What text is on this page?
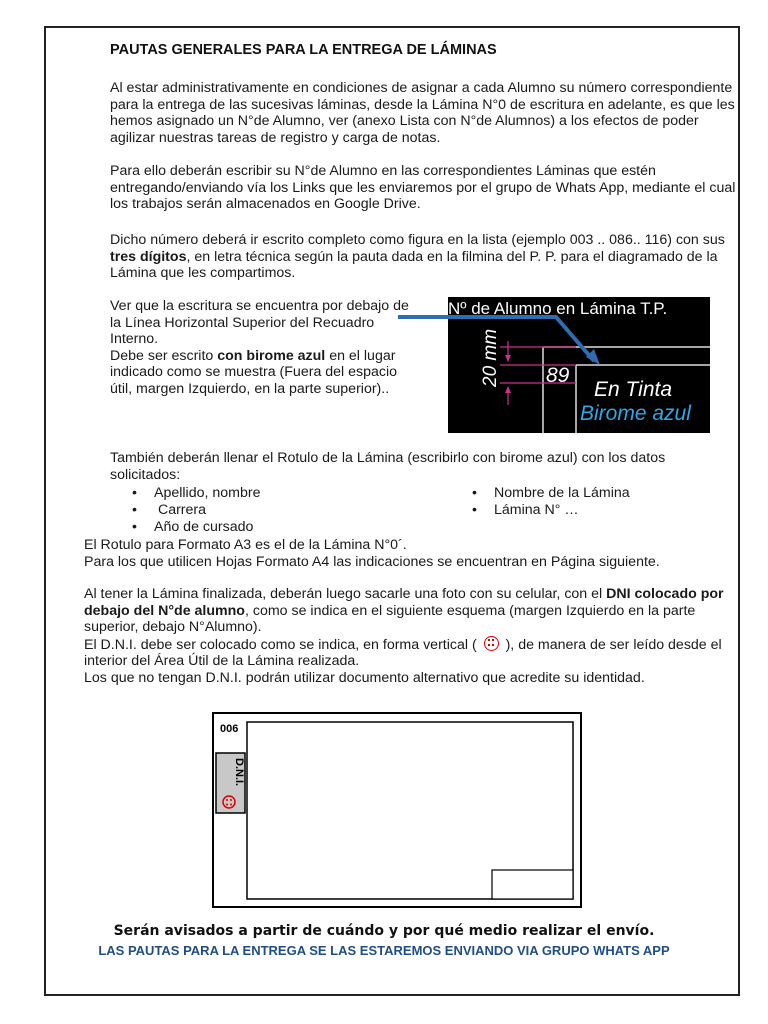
PAUTAS GENERALES PARA LA ENTREGA DE LÁMINAS
Al estar administrativamente en condiciones de asignar a cada Alumno su número correspondiente para la entrega de las sucesivas láminas, desde la Lámina N°0 de escritura en adelante, es que les hemos asignado un N°de Alumno, ver (anexo Lista con N°de Alumnos) a los efectos de poder agilizar nuestras tareas de registro y carga de notas.
Para ello deberán escribir su N°de Alumno en las correspondientes Láminas que estén entregando/enviando vía los Links que les enviaremos por el grupo de Whats App, mediante el cual los trabajos serán almacenados en Google Drive.
Dicho número deberá ir escrito completo como figura en la lista (ejemplo 003 .. 086.. 116) con sus tres dígitos, en letra técnica según la pauta dada en la filmina del P. P. para el diagramado de la Lámina que les compartimos.
Ver que la escritura se encuentra por debajo de la Línea Horizontal Superior del Recuadro Interno.
Debe ser escrito con birome azul en el lugar indicado como se muestra (Fuera del espacio útil, margen Izquierdo, en la parte superior)..
Nº de Alumno en Lámina T.P.
20 mm 89
En Tinta
Birome azul
También deberán llenar el Rotulo de la Lámina (escribirlo con birome azul) con los datos solicitados:
• Apellido, nombre
• Carrera
• Año de cursado
• Nombre de la Lámina
• Lámina N° …
El Rotulo para Formato A3 es el de la Lámina N°0´.
Para los que utilicen Hojas Formato A4 las indicaciones se encuentran en Página siguiente.
Al tener la Lámina finalizada, deberán luego sacarle una foto con su celular, con el DNI colocado por debajo del N°de alumno, como se indica en el siguiente esquema (margen Izquierdo en la parte superior, debajo N°Alumno).
El D.N.I. debe ser colocado como se indica, en forma vertical (  ), de manera de ser leído desde el interior del Área Útil de la Lámina realizada.
Los que no tengan D.N.I. podrán utilizar documento alternativo que acredite su identidad.
006
D.N.I.
Serán avisados a partir de cuándo y por qué medio realizar el envío.
LAS PAUTAS PARA LA ENTREGA SE LAS ESTAREMOS ENVIANDO VIA GRUPO WHATS APP
